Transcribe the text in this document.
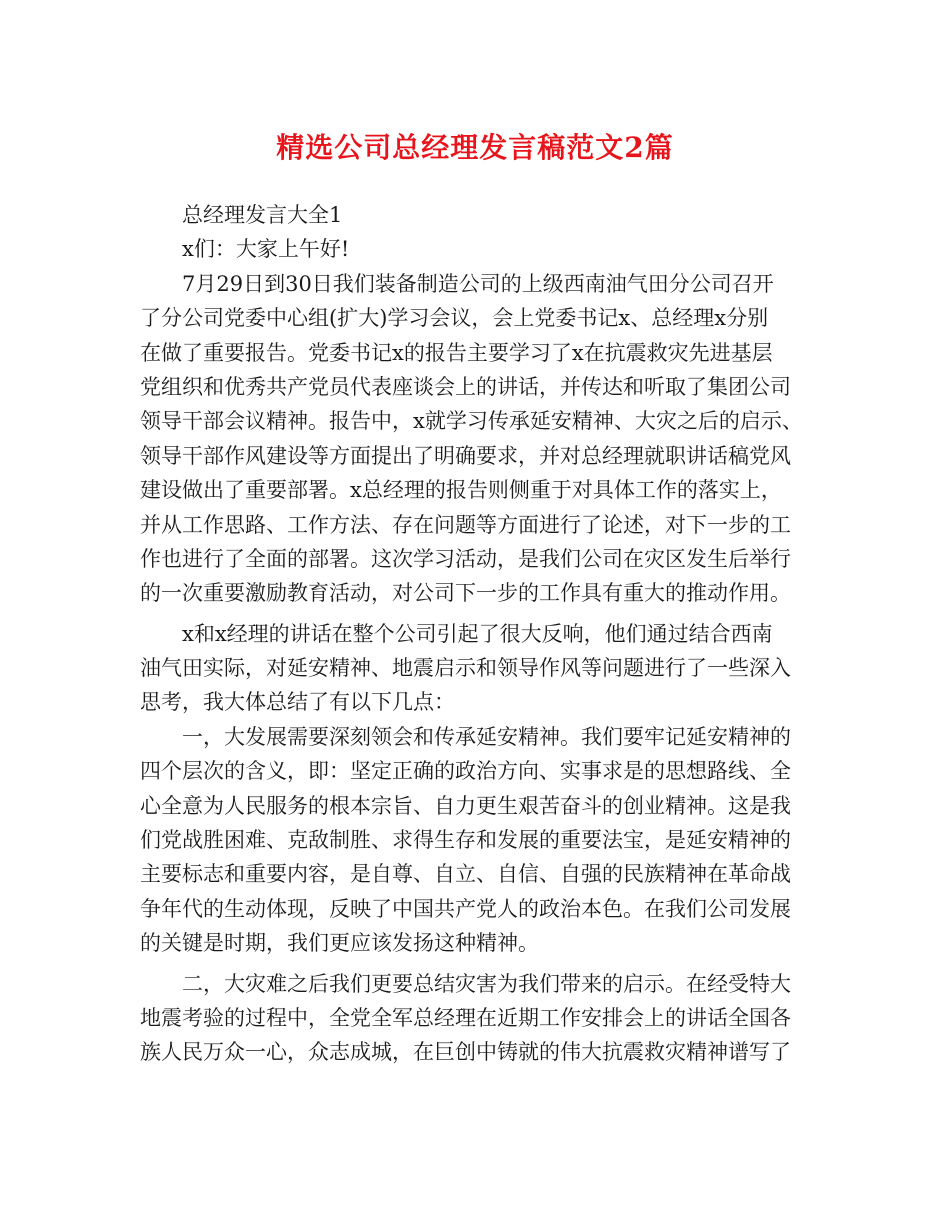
精选公司总经理发言稿范文2篇
总经理发言大全1
x们：大家上午好!
7月29日到30日我们装备制造公司的上级西南油气田分公司召开
了分公司党委中心组(扩大)学习会议，会上党委书记x、总经理x分别
在做了重要报告。党委书记x的报告主要学习了x在抗震救灾先进基层
党组织和优秀共产党员代表座谈会上的讲话，并传达和听取了集团公司
领导干部会议精神。报告中，x就学习传承延安精神、大灾之后的启示、
领导干部作风建设等方面提出了明确要求，并对总经理就职讲话稿党风
建设做出了重要部署。x总经理的报告则侧重于对具体工作的落实上，
并从工作思路、工作方法、存在问题等方面进行了论述，对下一步的工
作也进行了全面的部署。这次学习活动，是我们公司在灾区发生后举行
的一次重要激励教育活动，对公司下一步的工作具有重大的推动作用。
x和x经理的讲话在整个公司引起了很大反响，他们通过结合西南
油气田实际，对延安精神、地震启示和领导作风等问题进行了一些深入
思考，我大体总结了有以下几点：
一，大发展需要深刻领会和传承延安精神。我们要牢记延安精神的
四个层次的含义，即：坚定正确的政治方向、实事求是的思想路线、全
心全意为人民服务的根本宗旨、自力更生艰苦奋斗的创业精神。这是我
们党战胜困难、克敌制胜、求得生存和发展的重要法宝，是延安精神的
主要标志和重要内容，是自尊、自立、自信、自强的民族精神在革命战
争年代的生动体现，反映了中国共产党人的政治本色。在我们公司发展
的关键是时期，我们更应该发扬这种精神。
二，大灾难之后我们更要总结灾害为我们带来的启示。在经受特大
地震考验的过程中，全党全军总经理在近期工作安排会上的讲话全国各
族人民万众一心，众志成城，在巨创中铸就的伟大抗震救灾精神谱写了
